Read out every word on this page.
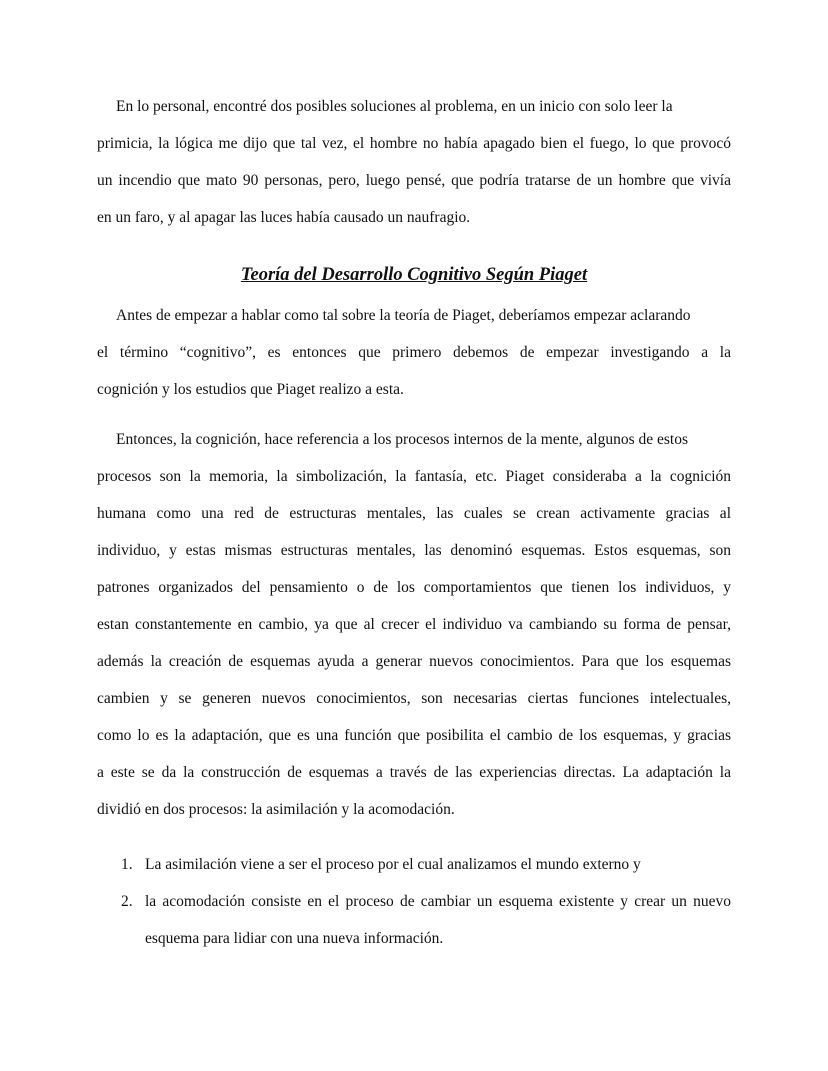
En lo personal, encontré dos posibles soluciones al problema, en un inicio con solo leer la
primicia, la lógica me dijo que tal vez, el hombre no había apagado bien el fuego, lo que provocó
un incendio que mato 90 personas, pero, luego pensé, que podría tratarse de un hombre que vivía
en un faro, y al apagar las luces había causado un naufragio.
Teoría del Desarrollo Cognitivo Según Piaget
Antes de empezar a hablar como tal sobre la teoría de Piaget, deberíamos empezar aclarando
el término “cognitivo”, es entonces que primero debemos de empezar investigando a la
cognición y los estudios que Piaget realizo a esta.
Entonces, la cognición, hace referencia a los procesos internos de la mente, algunos de estos
procesos son la memoria, la simbolización, la fantasía, etc. Piaget consideraba a la cognición
humana como una red de estructuras mentales, las cuales se crean activamente gracias al
individuo, y estas mismas estructuras mentales, las denominó esquemas. Estos esquemas, son
patrones organizados del pensamiento o de los comportamientos que tienen los individuos, y
estan constantemente en cambio, ya que al crecer el individuo va cambiando su forma de pensar,
además la creación de esquemas ayuda a generar nuevos conocimientos. Para que los esquemas
cambien y se generen nuevos conocimientos, son necesarias ciertas funciones intelectuales,
como lo es la adaptación, que es una función que posibilita el cambio de los esquemas, y gracias
a este se da la construcción de esquemas a través de las experiencias directas. La adaptación la
dividió en dos procesos: la asimilación y la acomodación.
1. La asimilación viene a ser el proceso por el cual analizamos el mundo externo y
2. la acomodación consiste en el proceso de cambiar un esquema existente y crear un nuevo
esquema para lidiar con una nueva información.
